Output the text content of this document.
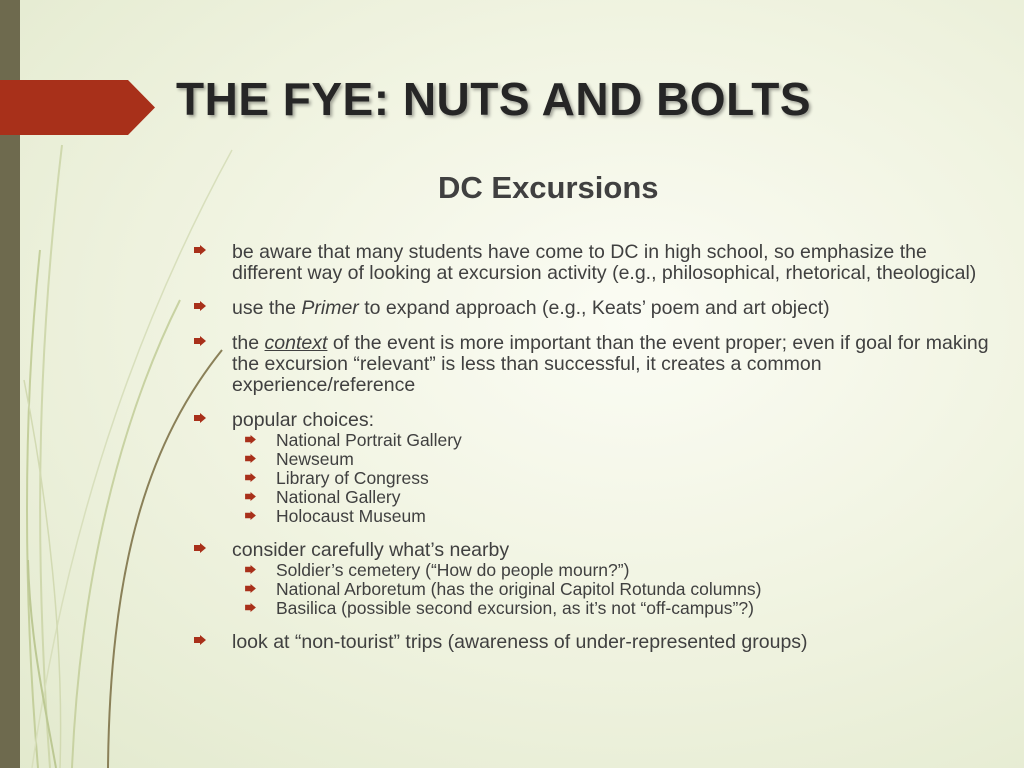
THE FYE: NUTS AND BOLTS
DC Excursions
be aware that many students have come to DC in high school, so emphasize the different way of looking at excursion activity (e.g., philosophical, rhetorical, theological)
use the Primer to expand approach (e.g., Keats’ poem and art object)
the context of the event is more important than the event proper; even if goal for making the excursion “relevant” is less than successful, it creates a common experience/reference
popular choices:
National Portrait Gallery
Newseum
Library of Congress
National Gallery
Holocaust Museum
consider carefully what’s nearby
Soldier’s cemetery (“How do people mourn?”)
National Arboretum (has the original Capitol Rotunda columns)
Basilica (possible second excursion, as it’s not “off-campus”?)
look at “non-tourist” trips (awareness of under-represented groups)
